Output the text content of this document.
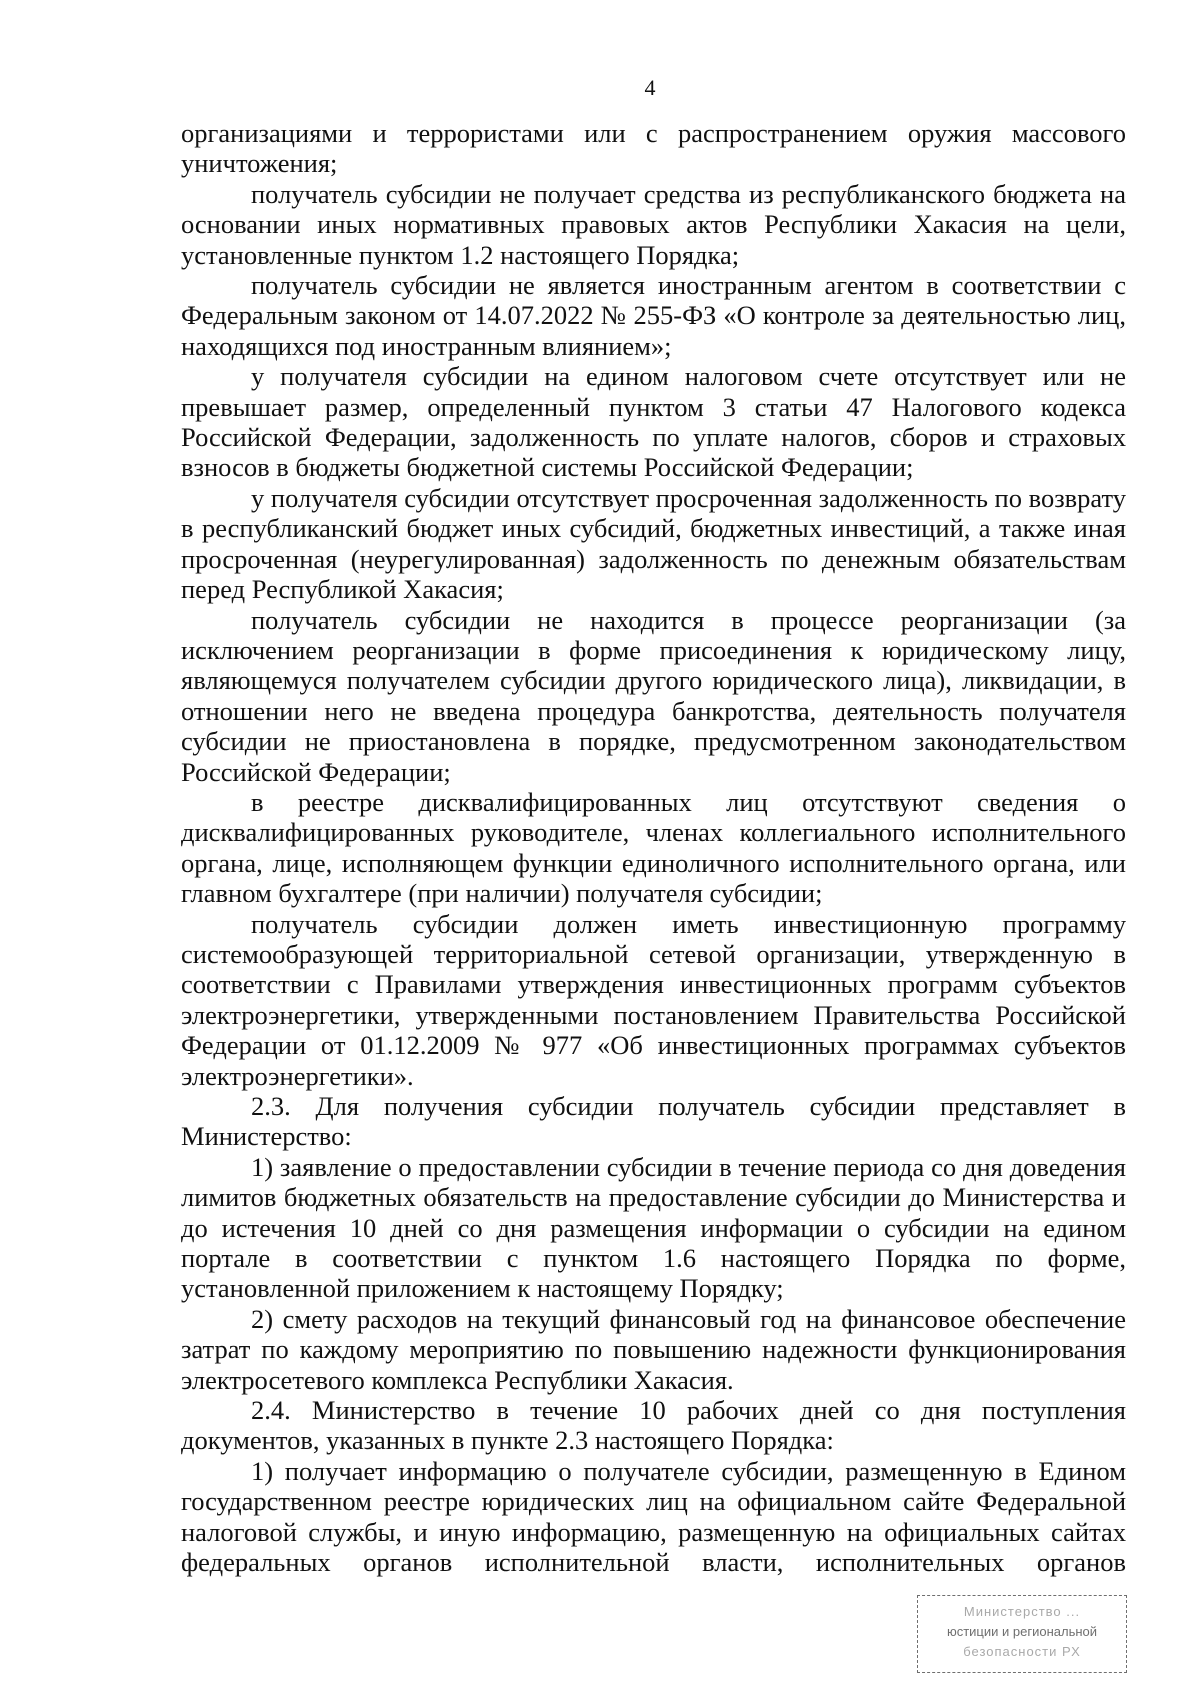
4

организациями и террористами или с распространением оружия массового уничтожения;

получатель субсидии не получает средства из республиканского бюджета на основании иных нормативных правовых актов Республики Хакасия на цели, установленные пунктом 1.2 настоящего Порядка;

получатель субсидии не является иностранным агентом в соответствии с Федеральным законом от 14.07.2022 № 255-ФЗ «О контроле за деятельностью лиц, находящихся под иностранным влиянием»;

у получателя субсидии на едином налоговом счете отсутствует или не превышает размер, определенный пунктом 3 статьи 47 Налогового кодекса Российской Федерации, задолженность по уплате налогов, сборов и страховых взносов в бюджеты бюджетной системы Российской Федерации;

у получателя субсидии отсутствует просроченная задолженность по возврату в республиканский бюджет иных субсидий, бюджетных инвестиций, а также иная просроченная (неурегулированная) задолженность по денежным обязательствам перед Республикой Хакасия;

получатель субсидии не находится в процессе реорганизации (за исключением реорганизации в форме присоединения к юридическому лицу, являющемуся получателем субсидии другого юридического лица), ликвидации, в отношении него не введена процедура банкротства, деятельность получателя субсидии не приостановлена в порядке, предусмотренном законодательством Российской Федерации;

в реестре дисквалифицированных лиц отсутствуют сведения о дисквалифицированных руководителе, членах коллегиального исполнительного органа, лице, исполняющем функции единоличного исполнительного органа, или главном бухгалтере (при наличии) получателя субсидии;

получатель субсидии должен иметь инвестиционную программу системообразующей территориальной сетевой организации, утвержденную в соответствии с Правилами утверждения инвестиционных программ субъектов электроэнергетики, утвержденными постановлением Правительства Российской Федерации от 01.12.2009 № 977 «Об инвестиционных программах субъектов электроэнергетики».

2.3. Для получения субсидии получатель субсидии представляет в Министерство:

1) заявление о предоставлении субсидии в течение периода со дня доведения лимитов бюджетных обязательств на предоставление субсидии до Министерства и до истечения 10 дней со дня размещения информации о субсидии на едином портале в соответствии с пунктом 1.6 настоящего Порядка по форме, установленной приложением к настоящему Порядку;

2) смету расходов на текущий финансовый год на финансовое обеспечение затрат по каждому мероприятию по повышению надежности функционирования электросетевого комплекса Республики Хакасия.

2.4. Министерство в течение 10 рабочих дней со дня поступления документов, указанных в пункте 2.3 настоящего Порядка:

1) получает информацию о получателе субсидии, размещенную в Едином государственном реестре юридических лиц на официальном сайте Федеральной налоговой службы, и иную информацию, размещенную на официальных сайтах федеральных органов исполнительной власти, исполнительных органов

Министерство ...
юстиции и региональной
безопасности РХ
